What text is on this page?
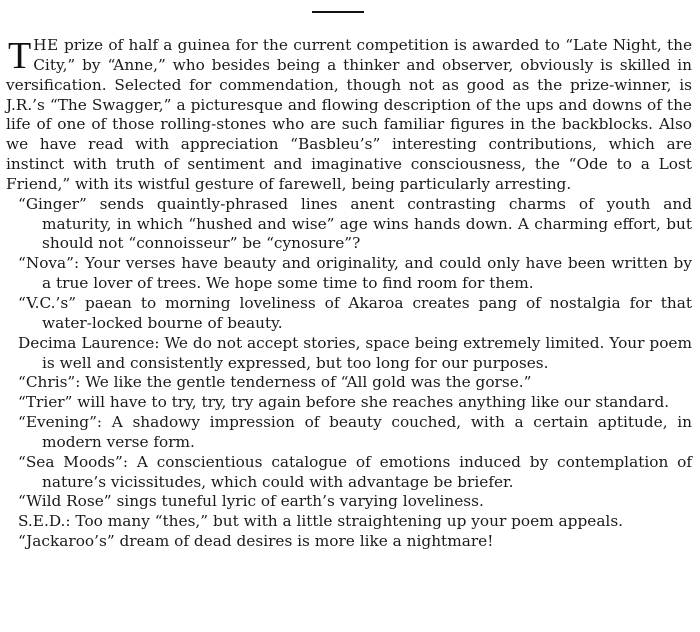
THE prize of half a guinea for the current competition is awarded to “Late Night, the City,” by “Anne,” who besides being a thinker and observer, obviously is skilled in versification. Selected for commendation, though not as good as the prize-winner, is J.R.’s “The Swagger,” a picturesque and flowing description of the ups and downs of the life of one of those rolling-stones who are such familiar figures in the backblocks. Also we have read with appreciation “Basbleu’s” interesting contributions, which are instinct with truth of sentiment and imaginative consciousness, the “Ode to a Lost Friend,” with its wistful gesture of farewell, being particularly arresting.

“Ginger” sends quaintly-phrased lines anent contrasting charms of youth and maturity, in which “hushed and wise” age wins hands down. A charming effort, but should not “connoisseur” be “cynosure”?

“Nova”: Your verses have beauty and originality, and could only have been written by a true lover of trees. We hope some time to find room for them.

“V.C.’s” paean to morning loveliness of Akaroa creates pang of nostalgia for that water-locked bourne of beauty.

Decima Laurence: We do not accept stories, space being extremely limited. Your poem is well and consistently expressed, but too long for our purposes.

“Chris”: We like the gentle tenderness of “All gold was the gorse.”

“Trier” will have to try, try, try again before she reaches anything like our standard.

“Evening”: A shadowy impression of beauty couched, with a certain aptitude, in modern verse form.

“Sea Moods”: A conscientious catalogue of emotions induced by contemplation of nature’s vicissitudes, which could with advantage be briefer.

“Wild Rose” sings tuneful lyric of earth’s varying loveliness.

S.E.D.: Too many “thes,” but with a little straightening up your poem appeals.

“Jackaroo’s” dream of dead desires is more like a nightmare!
